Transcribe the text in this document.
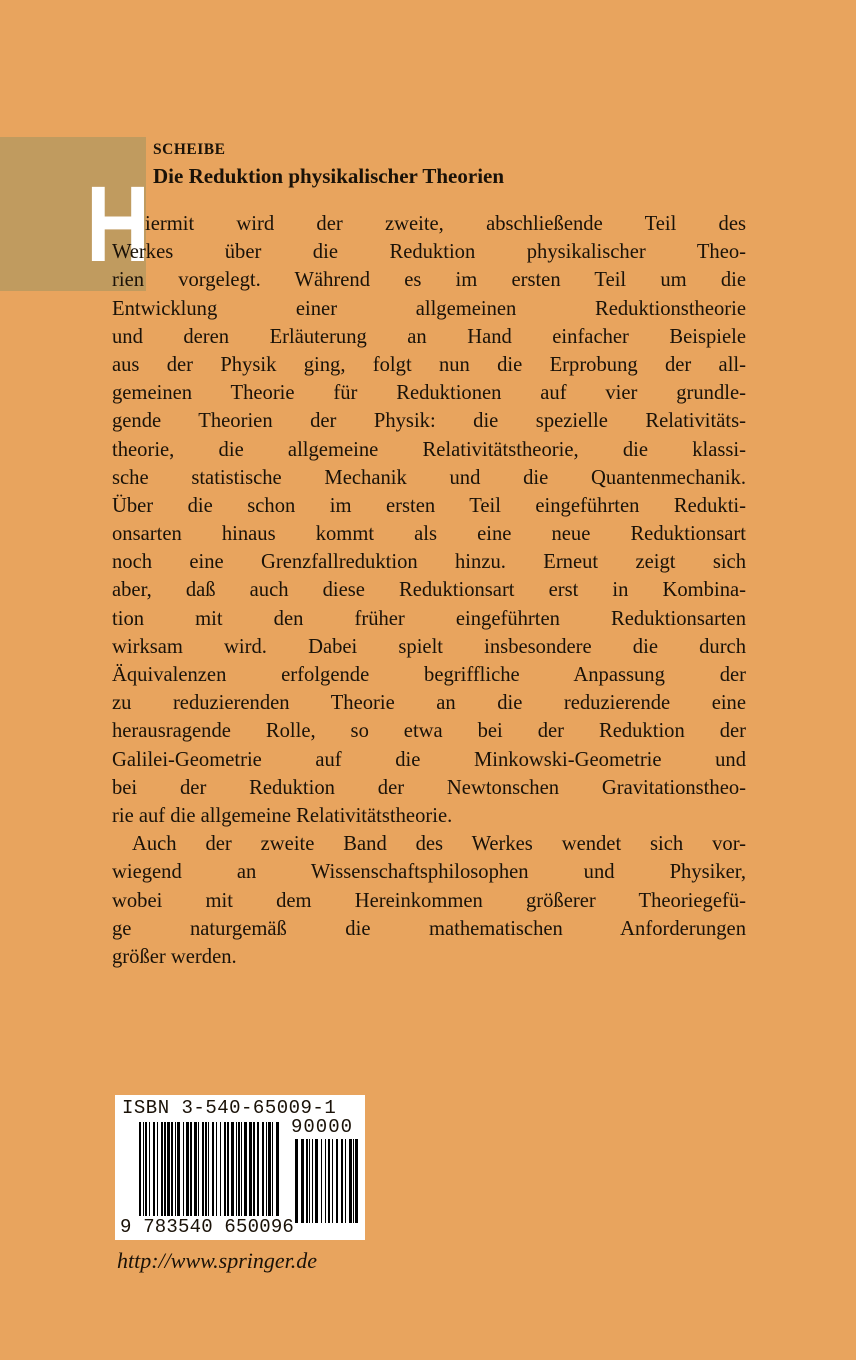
H
SCHEIBE
Die Reduktion physikalischer Theorien
iermit wird der zweite, abschließende Teil des
Werkes über die Reduktion physikalischer Theo-
rien vorgelegt. Während es im ersten Teil um die
Entwicklung einer allgemeinen Reduktionstheorie
und deren Erläuterung an Hand einfacher Beispiele
aus der Physik ging, folgt nun die Erprobung der all-
gemeinen Theorie für Reduktionen auf vier grundle-
gende Theorien der Physik: die spezielle Relativitäts-
theorie, die allgemeine Relativitätstheorie, die klassi-
sche statistische Mechanik und die Quantenmechanik.
Über die schon im ersten Teil eingeführten Redukti-
onsarten hinaus kommt als eine neue Reduktionsart
noch eine Grenzfallreduktion hinzu. Erneut zeigt sich
aber, daß auch diese Reduktionsart erst in Kombina-
tion mit den früher eingeführten Reduktionsarten
wirksam wird. Dabei spielt insbesondere die durch
Äquivalenzen erfolgende begriffliche Anpassung der
zu reduzierenden Theorie an die reduzierende eine
herausragende Rolle, so etwa bei der Reduktion der
Galilei-Geometrie auf die Minkowski-Geometrie und
bei der Reduktion der Newtonschen Gravitationstheo-
rie auf die allgemeine Relativitätstheorie.
Auch der zweite Band des Werkes wendet sich vor-
wiegend an Wissenschaftsphilosophen und Physiker,
wobei mit dem Hereinkommen größerer Theoriegefü-
ge naturgemäß die mathematischen Anforderungen
größer werden.
ISBN 3-540-65009-1
90000
9 783540 650096
http://www.springer.de
